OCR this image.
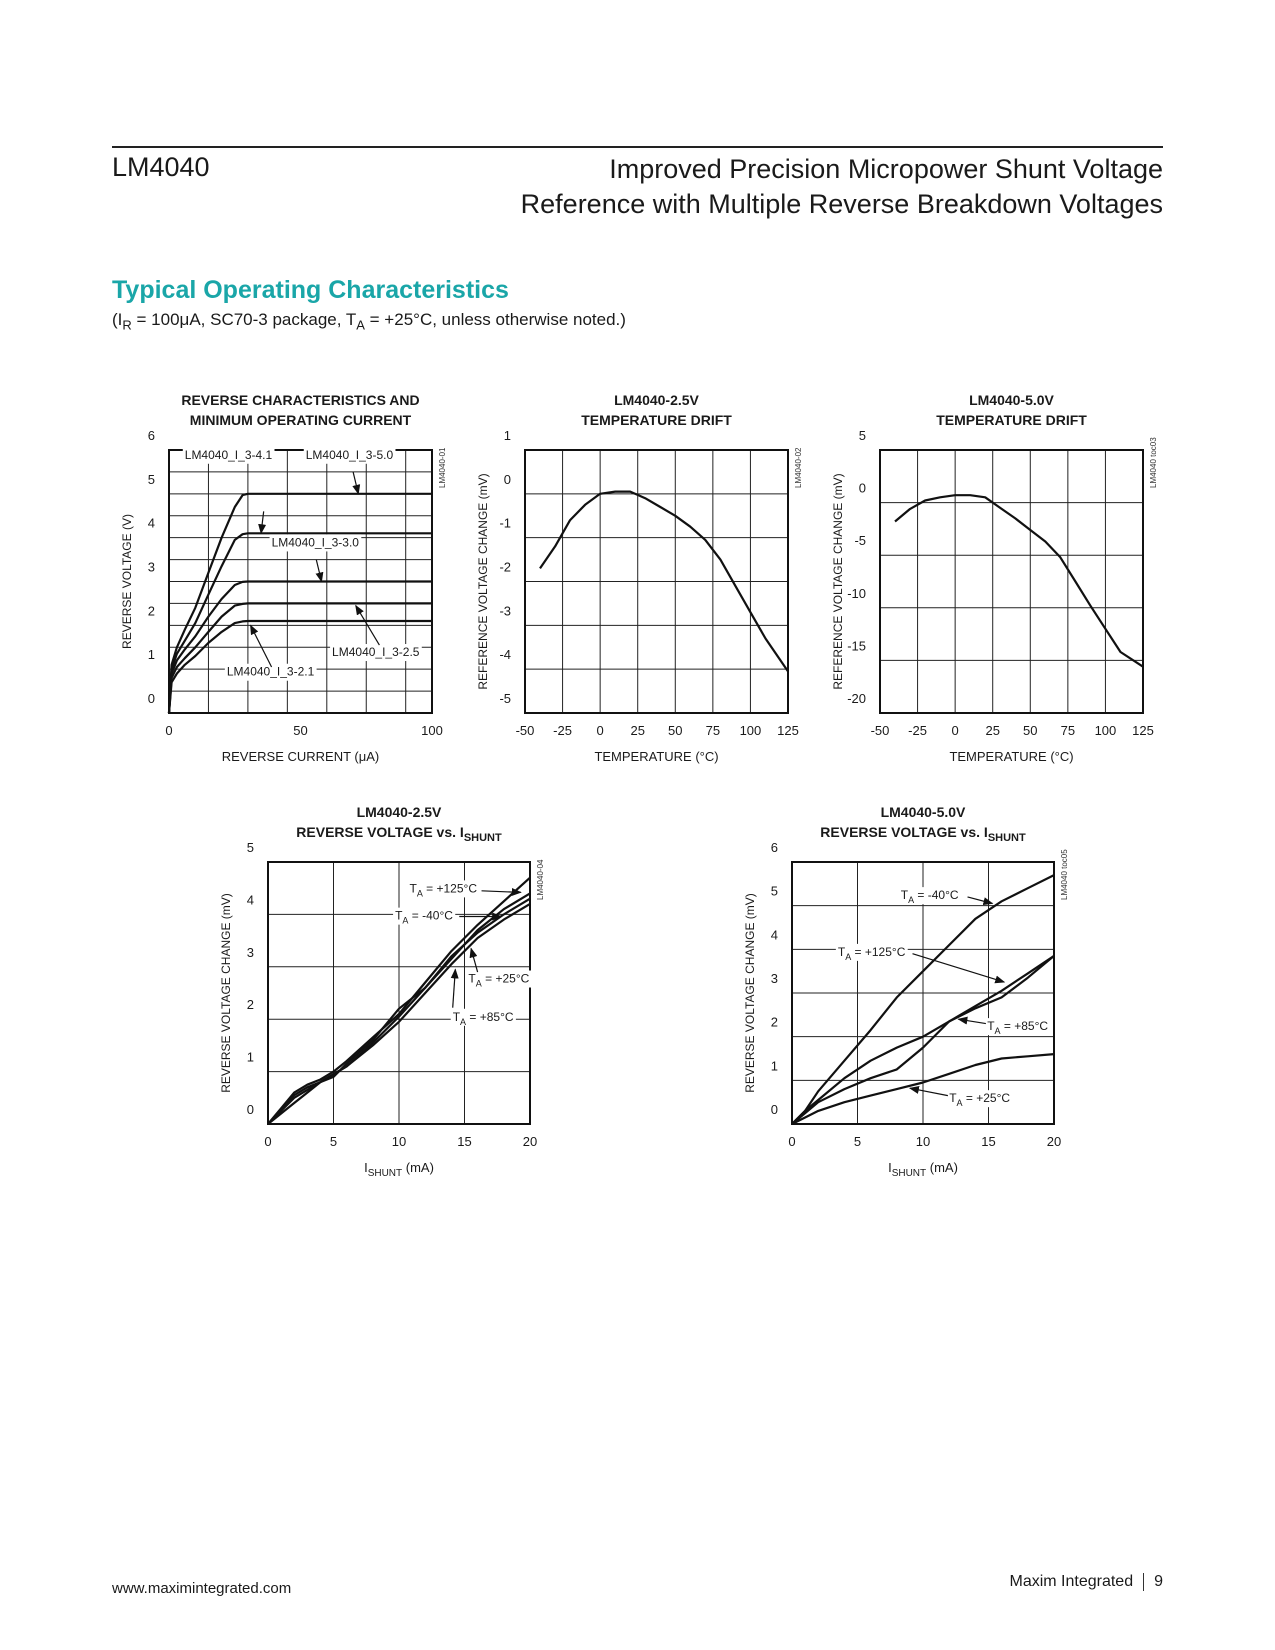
LM4040	Improved Precision Micropower Shunt Voltage
Reference with Multiple Reverse Breakdown Voltages
Typical Operating Characteristics
($I_R = 100\mu A$, SC70-3 package, $T_A = +25^\circ C$, unless otherwise noted.)
REVERSE CHARACTERISTICS AND
MINIMUM OPERATING CURRENT
0	50	100
0
1
2
3
4
5
6
REVERSE CURRENT (μA)
REVERSE VOLTAGE (V)
LM4040-01
LM4040_I_3-4.1	LM4040_I_3-5.0
LM4040_I_3-3.0
LM4040_I_3-2.5
LM4040_I_3-2.1
LM4040-2.5V
TEMPERATURE DRIFT
-50 -25 0 25 50 75 100 125
-5
-4
-3
-2
-1
0
1
TEMPERATURE (°C)
REFERENCE VOLTAGE CHANGE (mV)
LM4040-02
LM4040-5.0V
TEMPERATURE DRIFT
-50 -25 0 25 50 75 100 125
-20
-15
-10
-5
0
5
TEMPERATURE (°C)
REFERENCE VOLTAGE CHANGE (mV)
LM4040 toc03
LM4040-2.5V
REVERSE VOLTAGE vs. $I_{SHUNT}$
0	5	10	15	20
0
1
2
3
4
5
$I_{SHUNT}$ (mA)
REVERSE VOLTAGE CHANGE (mV)
LM4040-04
$T_A = +125^\circ C$
$T_A = -40^\circ C$
$T_A = +25^\circ C$
$T_A = +85^\circ C$
LM4040-5.0V
REVERSE VOLTAGE vs. $I_{SHUNT}$
0	5	10	15	20
0
1
2
3
4
5
6
$I_{SHUNT}$ (mA)
REVERSE VOLTAGE CHANGE (mV)
LM4040 toc05
$T_A = -40^\circ C$
$T_A = +125^\circ C$
$T_A = +85^\circ C$
$T_A = +25^\circ C$
www.maximintegrated.com	Maxim Integrated 9
